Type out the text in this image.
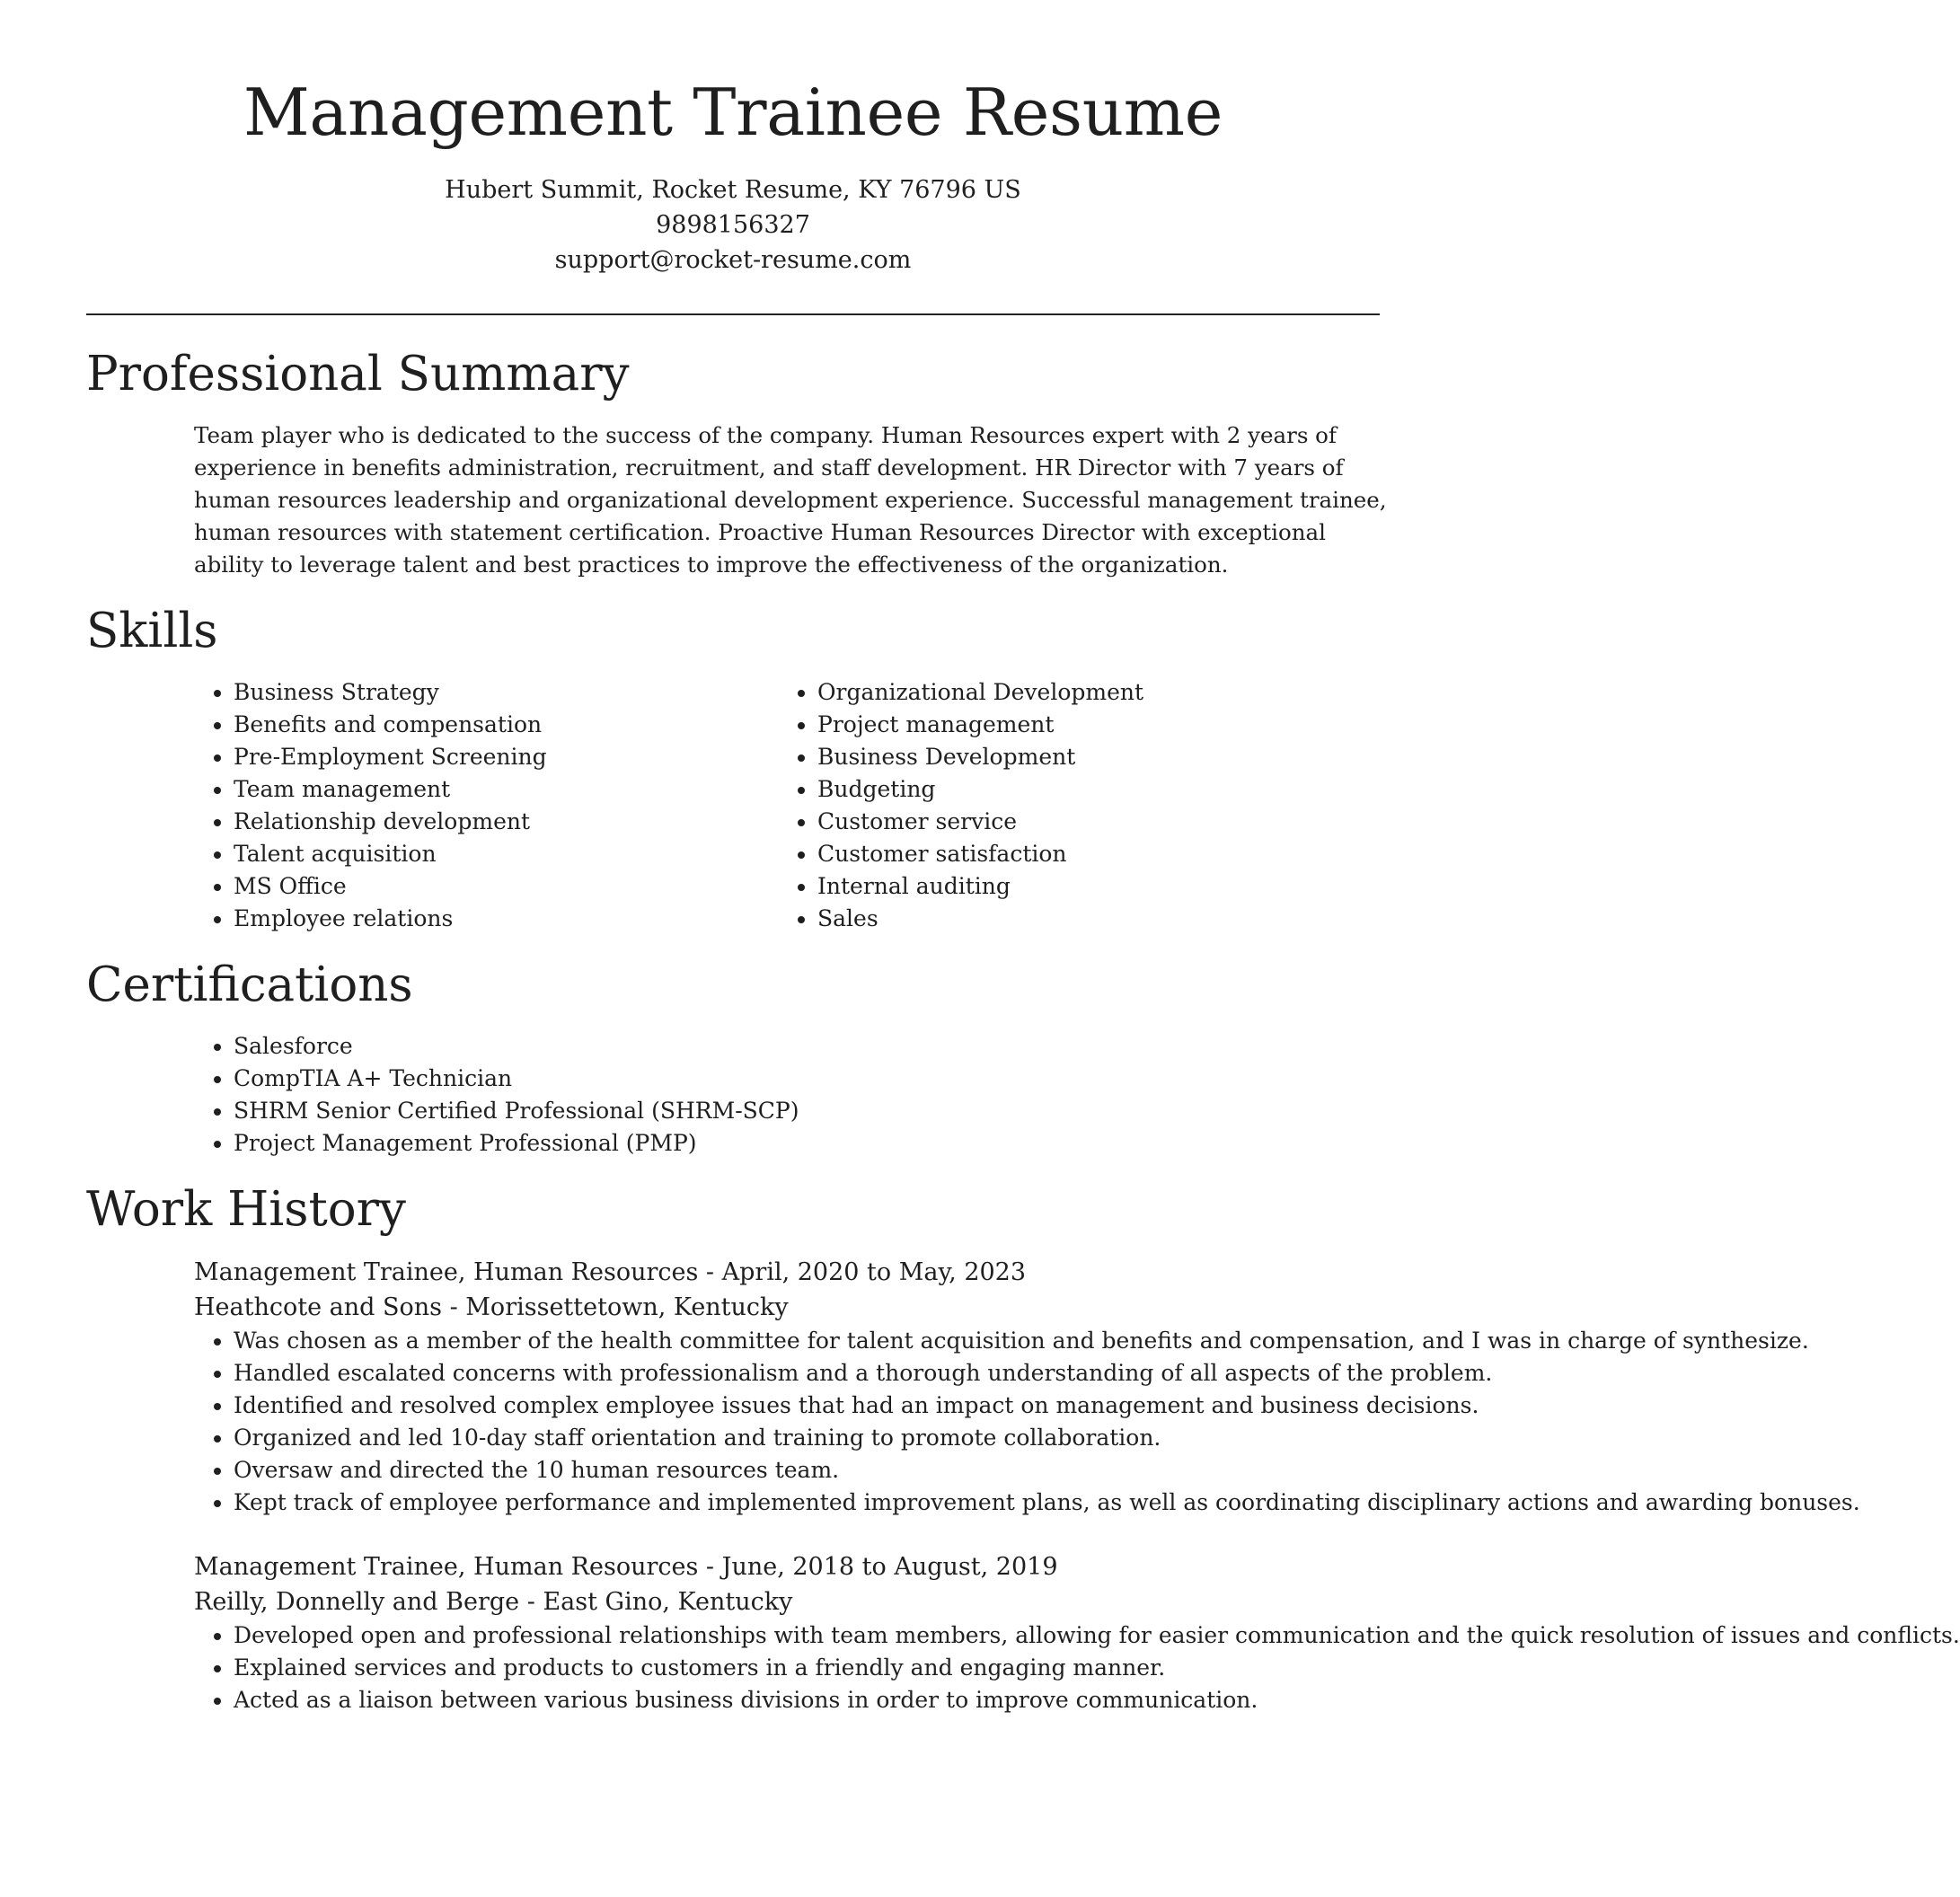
Management Trainee Resume
Hubert Summit, Rocket Resume, KY 76796 US
9898156327
support@rocket-resume.com
Professional Summary

Team player who is dedicated to the success of the company. Human Resources expert with 2 years of experience in benefits administration, recruitment, and staff development. HR Director with 7 years of human resources leadership and organizational development experience. Successful management trainee, human resources with statement certification. Proactive Human Resources Director with exceptional ability to leverage talent and best practices to improve the effectiveness of the organization.

Skills
• Business Strategy
• Benefits and compensation
• Pre-Employment Screening
• Team management
• Relationship development
• Talent acquisition
• MS Office
• Employee relations
• Organizational Development
• Project management
• Business Development
• Budgeting
• Customer service
• Customer satisfaction
• Internal auditing
• Sales
Certifications
• Salesforce
• CompTIA A+ Technician
• SHRM Senior Certified Professional (SHRM-SCP)
• Project Management Professional (PMP)
Work History
Management Trainee, Human Resources - April, 2020 to May, 2023
Heathcote and Sons - Morissettetown, Kentucky
• Was chosen as a member of the health committee for talent acquisition and benefits and compensation, and I was in charge of synthesize.
• Handled escalated concerns with professionalism and a thorough understanding of all aspects of the problem.
• Identified and resolved complex employee issues that had an impact on management and business decisions.
• Organized and led 10-day staff orientation and training to promote collaboration.
• Oversaw and directed the 10 human resources team.
• Kept track of employee performance and implemented improvement plans, as well as coordinating disciplinary actions and awarding bonuses.
Management Trainee, Human Resources - June, 2018 to August, 2019
Reilly, Donnelly and Berge - East Gino, Kentucky
• Developed open and professional relationships with team members, allowing for easier communication and the quick resolution of issues and conflicts.
• Explained services and products to customers in a friendly and engaging manner.
• Acted as a liaison between various business divisions in order to improve communication.
